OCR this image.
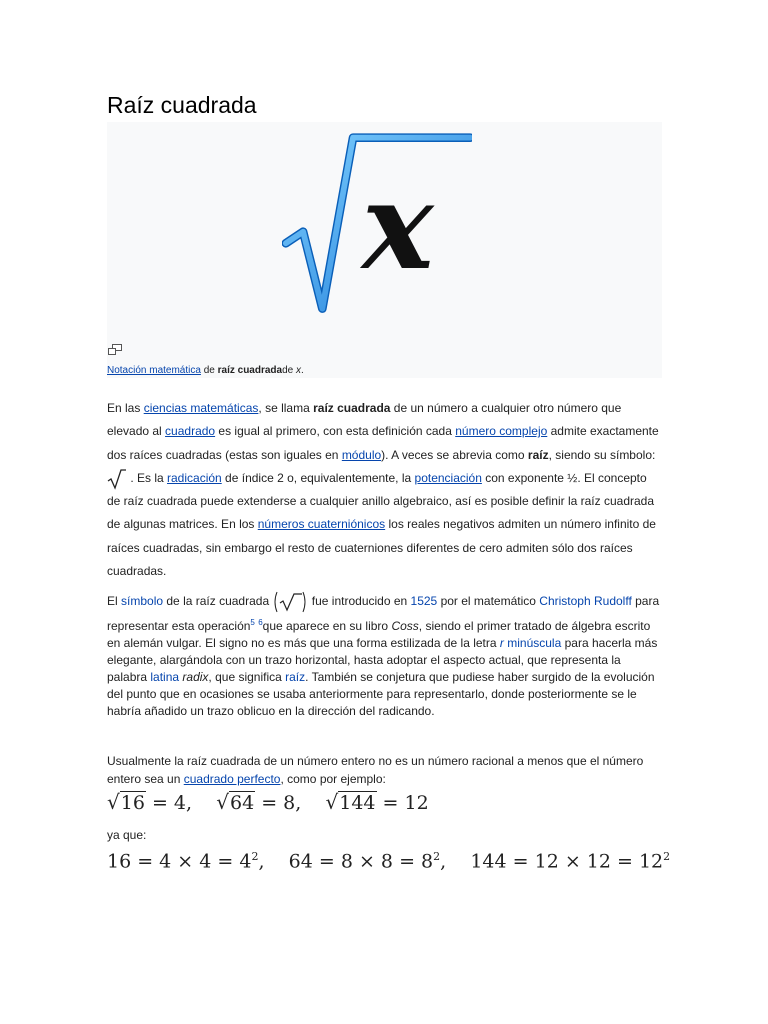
Raíz cuadrada
x
Notación matemática de raíz cuadradade x.
En las ciencias matemáticas, se llama raíz cuadrada de un número a cualquier otro número que elevado al cuadrado es igual al primero, con esta definición cada número complejo admite exactamente dos raíces cuadradas (estas son iguales en módulo). A veces se abrevia como raíz, siendo su símbolo:  . Es la radicación de índice 2 o, equivalentemente, la potenciación con exponente ½. El concepto de raíz cuadrada puede extenderse a cualquier anillo algebraico, así es posible definir la raíz cuadrada de algunas matrices. En los números cuaterniónicos los reales negativos admiten un número infinito de raíces cuadradas, sin embargo el resto de cuaterniones diferentes de cero admiten sólo dos raíces cuadradas.
El símbolo de la raíz cuadrada	fue introducido en 1525 por el matemático Christoph Rudolff para representar esta operación$^5$ $^6$que aparece en su libro Coss, siendo el primer tratado de álgebra escrito en alemán vulgar. El signo no es más que una forma estilizada de la letra r minúscula para hacerla más elegante, alargándola con un trazo horizontal, hasta adoptar el aspecto actual, que representa la palabra latina radix, que significa raíz. También se conjetura que pudiese haber surgido de la evolución del punto que en ocasiones se usaba anteriormente para representarlo, donde posteriormente se le habría añadido un trazo oblicuo en la dirección del radicando.
Usualmente la raíz cuadrada de un número entero no es un número racional a menos que el número entero sea un cuadrado perfecto, como por ejemplo:
√16 = 4, √64 = 8, √144 = 12
ya que:
$16 = 4 \times 4 = 4^2$, $64 = 8 \times 8 = 8^2$, $144 = 12 \times 12 = 12^2$
